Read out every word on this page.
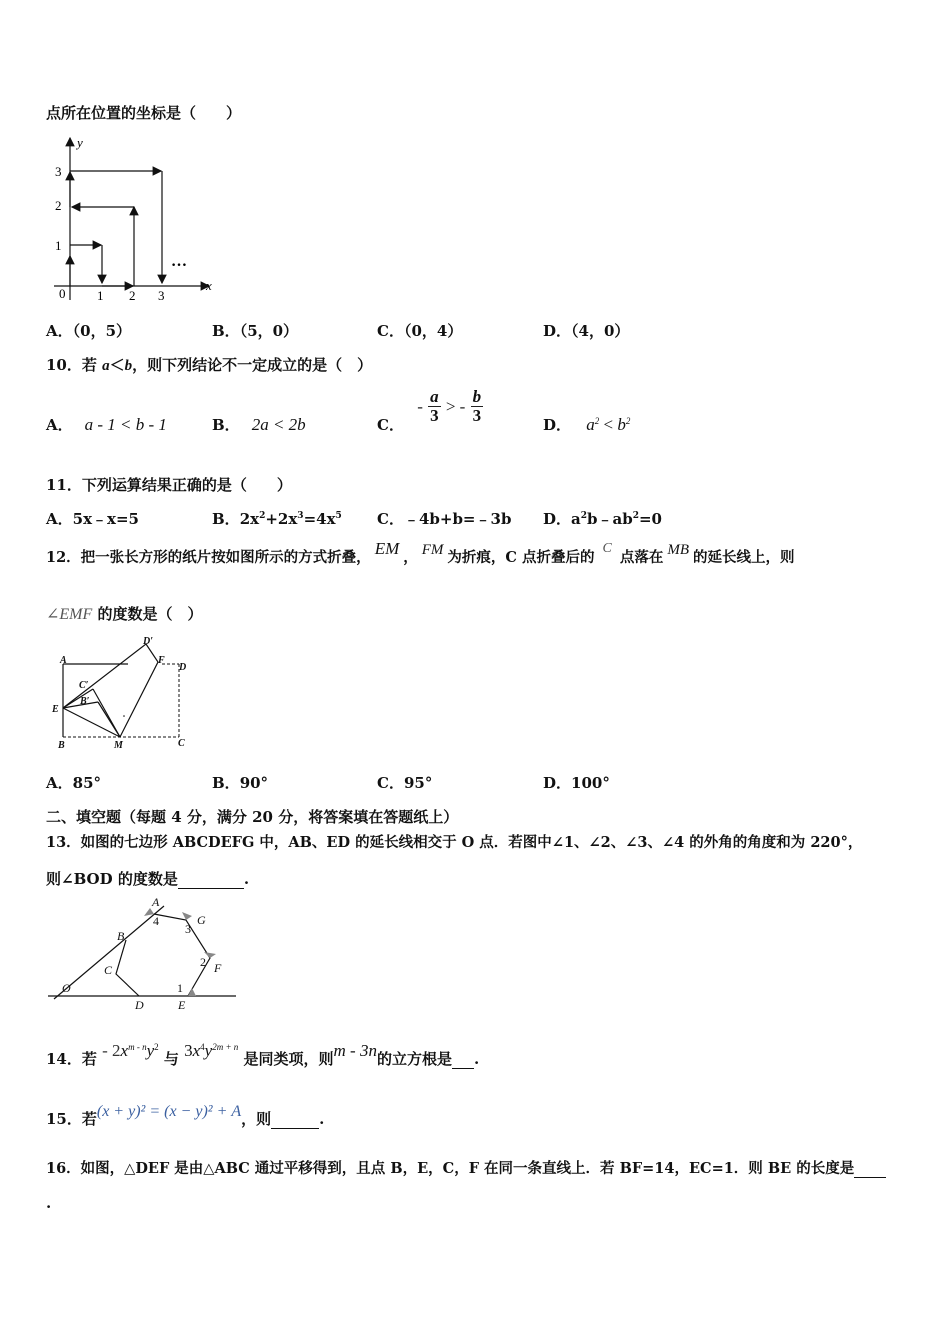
点所在位置的坐标是（　　）
y
x
0
1
2
3
1 2 3
…
A．（0，5）	B．（5，0）	C．（0，4）	D．（4，0）
10．若 a＜b，则下列结论不一定成立的是（　）
A． a - 1 < b - 1	B． 2a < 2b	C． - $\frac{a}{3}$ > - $\frac{b}{3}$	D． $a^2 < b^2$
11．下列运算结果正确的是（　　）
A．5x﹣x=5	B．$2x^2+2x^3=4x^5$ C．﹣4b+b=﹣3b D．$a^2b﹣ab^2=0$
12．把一张长方形的纸片按如图所示的方式折叠， EM ， FM 为折痕，C 点折叠后的C点落在 MB 的延长线上，则
∠EMF 的度数是（　）
A
D′
F
D
C′
B′
E
B	M	C
A．85°	B．90°	C．95°	D．100°
二、填空题（每题 4 分，满分 20 分，将答案填在答题纸上）
13．如图的七边形 ABCDEFG 中，AB、ED 的延长线相交于 O 点．若图中∠1、∠2、∠3、∠4 的外角的角度和为 220°，
则∠BOD 的度数是	.
A
4	G
3
B
F
2
C
O
D
1
E
14．若 - $2x^{m - n}y^2$ 与 $3x^4y^{2m + n}$ 是同类项，则m - 3n的立方根是 .
15．若(x + y)² = (x − y)² + A，则	.
16．如图，△DEF 是由△ABC 通过平移得到，且点 B，E，C，F 在同一条直线上．若 BF=14，EC=1．则 BE 的长度是
.
